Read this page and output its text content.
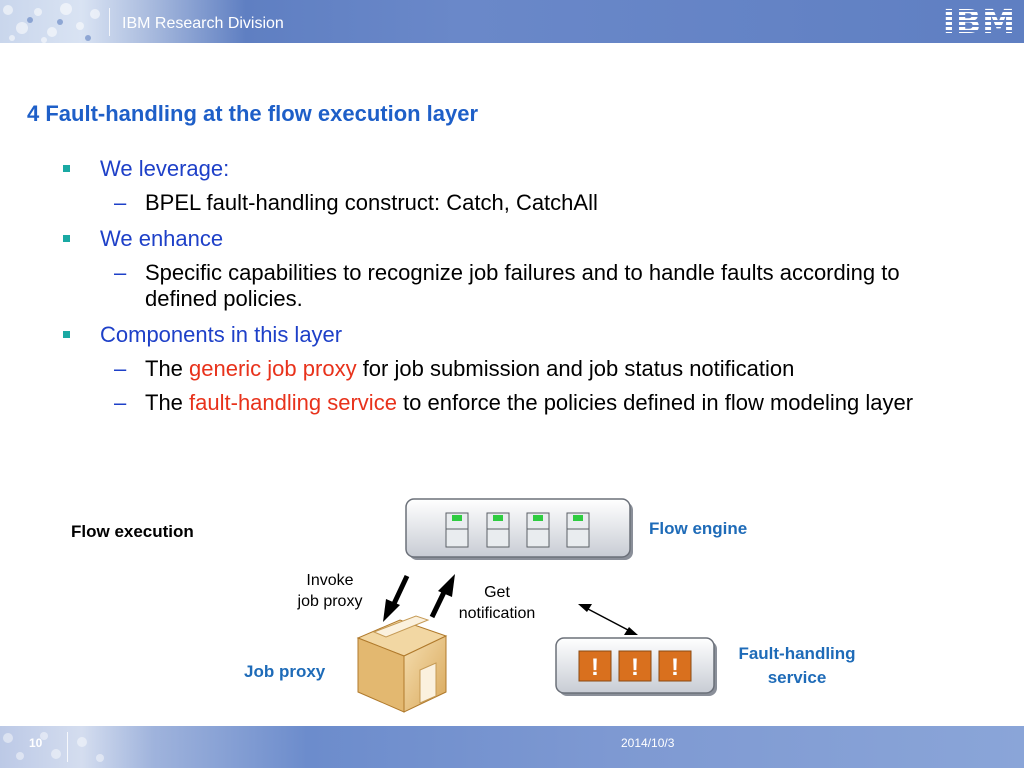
IBM Research Division	IBM
4 Fault-handling at the flow execution layer
We leverage:
– BPEL fault-handling construct: Catch, CatchAll
We enhance
– Specific capabilities to recognize job failures and to handle faults according to defined policies.
Components in this layer
– The generic job proxy for job submission and job status notification
– The fault-handling service to enforce the policies defined in flow modeling layer
! ! !
Flow execution	Flow engine
Invoke
job proxy
Get
notification
Job proxy
Fault-handling
service
10	2014/10/3
